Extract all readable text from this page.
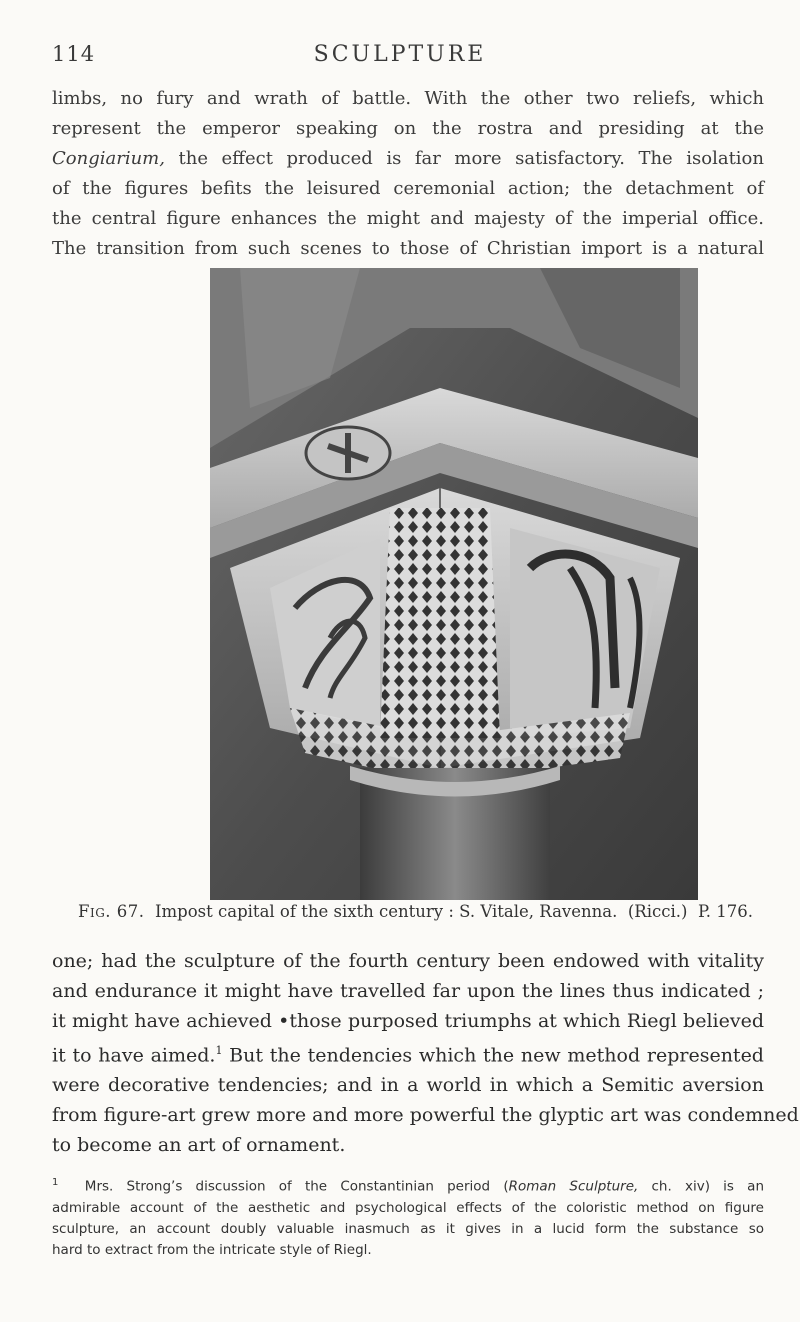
114	SCULPTURE
limbs, no fury and wrath of battle. With the other two reliefs, which
represent the emperor speaking on the rostra and presiding at the
Congiarium, the effect produced is far more satisfactory. The isolation
of the figures befits the leisured ceremonial action; the detachment of
the central figure enhances the might and majesty of the imperial office.
The transition from such scenes to those of Christian import is a natural
Fig. 67. Impost capital of the sixth century : S. Vitale, Ravenna. (Ricci.) P. 176.
one; had the sculpture of the fourth century been endowed with vitality
and endurance it might have travelled far upon the lines thus indicated ;
it might have achieved •those purposed triumphs at which Riegl believed
it to have aimed.$^1$ But the tendencies which the new method represented
were decorative tendencies; and in a world in which a Semitic aversion
from figure-art grew more and more powerful the glyptic art was condemned
to become an art of ornament.
$^1$ Mrs. Strong’s discussion of the Constantinian period (Roman Sculpture, ch. xiv) is an
admirable account of the aesthetic and psychological effects of the coloristic method on figure
sculpture, an account doubly valuable inasmuch as it gives in a lucid form the substance so
hard to extract from the intricate style of Riegl.
